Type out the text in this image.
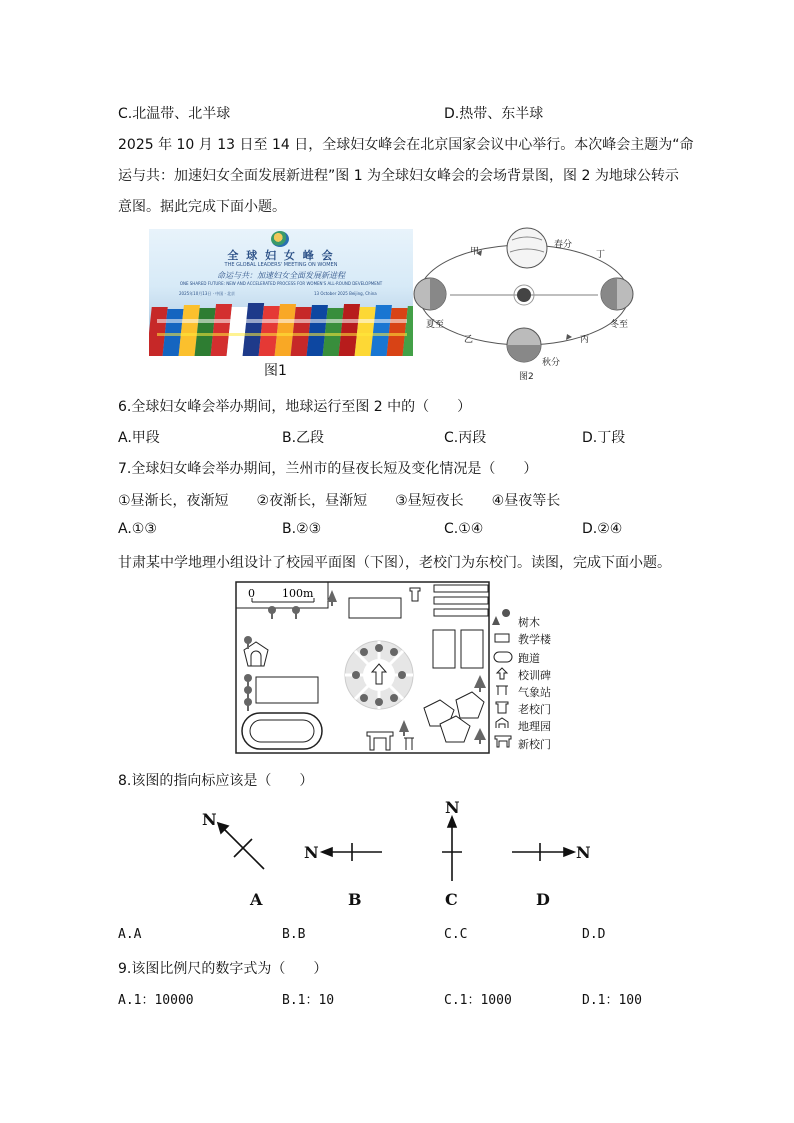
C.北温带、北半球	D.热带、东半球
2025 年 10 月 13 日至 14 日，全球妇女峰会在北京国家会议中心举行。本次峰会主题为“命
运与共：加速妇女全面发展新进程”图 1 为全球妇女峰会的会场背景图，图 2 为地球公转示
意图。据此完成下面小题。
全 球 妇 女 峰 会
THE GLOBAL LEADERS' MEETING ON WOMEN
命运与共：加速妇女全面发展新进程
ONE SHARED FUTURE: NEW AND ACCELERATED PROCESS FOR WOMEN'S ALL-ROUND DEVELOPMENT
2025年10月13日 · 中国 · 北京	13 October 2025 Beijing, China
图1
春分
夏至	冬至
秋分
甲
乙	丙
丁
图2
6.全球妇女峰会举办期间，地球运行至图 2 中的（　　）
A.甲段	B.乙段	C.丙段	D.丁段
7.全球妇女峰会举办期间，兰州市的昼夜长短及变化情况是（　　）
①昼渐长，夜渐短　　②夜渐长，昼渐短　　③昼短夜长　　④昼夜等长
A.①③	B.②③	C.①④	D.②④
甘肃某中学地理小组设计了校园平面图（下图），老校门为东校门。读图，完成下面小题。
0 100m
树木
教学楼
跑道
校训碑
气象站
老校门
地理园
新校门
8.该图的指向标应该是（　　）
N
A
N
B
N
C
N
D
A.A	B.B	C.C	D.D
9.该图比例尺的数字式为（　　）
A.1：10000	B.1：10	C.1：1000	D.1：100
